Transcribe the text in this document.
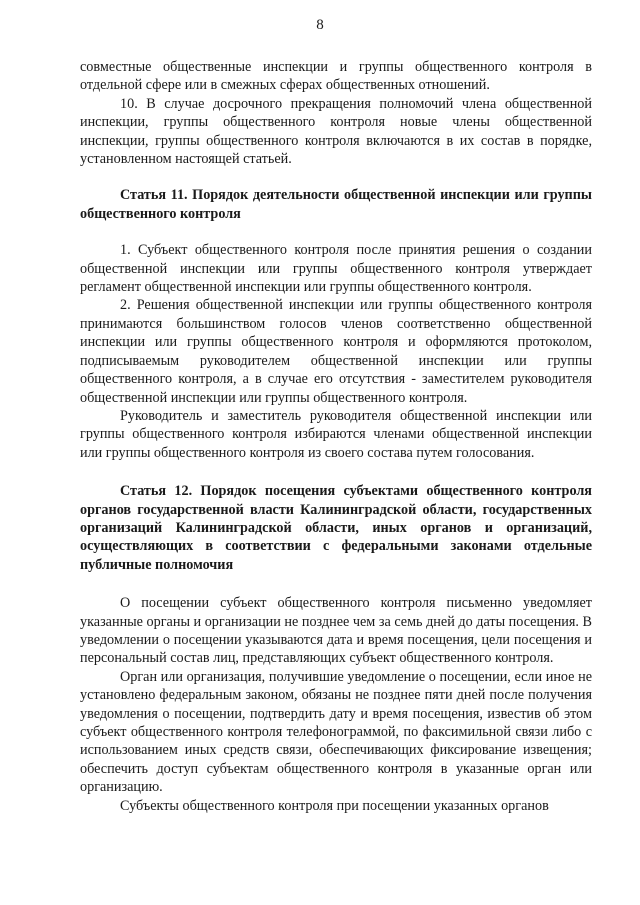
8

совместные общественные инспекции и группы общественного контроля в отдельной сфере или в смежных сферах общественных отношений.

10. В случае досрочного прекращения полномочий члена общественной инспекции, группы общественного контроля новые члены общественной инспекции, группы общественного контроля включаются в их состав в порядке, установленном настоящей статьей.

Статья 11. Порядок деятельности общественной инспекции или группы общественного контроля

1. Субъект общественного контроля после принятия решения о создании общественной инспекции или группы общественного контроля утверждает регламент общественной инспекции или группы общественного контроля.

2. Решения общественной инспекции или группы общественного контроля принимаются большинством голосов членов соответственно общественной инспекции или группы общественного контроля и оформляются протоколом, подписываемым руководителем общественной инспекции или группы общественного контроля, а в случае его отсутствия - заместителем руководителя общественной инспекции или группы общественного контроля.

Руководитель и заместитель руководителя общественной инспекции или группы общественного контроля избираются членами общественной инспекции или группы общественного контроля из своего состава путем голосования.

Статья 12. Порядок посещения субъектами общественного контроля органов государственной власти Калининградской области, государственных организаций Калининградской области, иных органов и организаций, осуществляющих в соответствии с федеральными законами отдельные публичные полномочия

О посещении субъект общественного контроля письменно уведомляет указанные органы и организации не позднее чем за семь дней до даты посещения. В уведомлении о посещении указываются дата и время посещения, цели посещения и персональный состав лиц, представляющих субъект общественного контроля.

Орган или организация, получившие уведомление о посещении, если иное не установлено федеральным законом, обязаны не позднее пяти дней после получения уведомления о посещении, подтвердить дату и время посещения, известив об этом субъект общественного контроля телефонограммой, по факсимильной связи либо с использованием иных средств связи, обеспечивающих фиксирование извещения; обеспечить доступ субъектам общественного контроля в указанные орган или организацию.

Субъекты общественного контроля при посещении указанных органов
